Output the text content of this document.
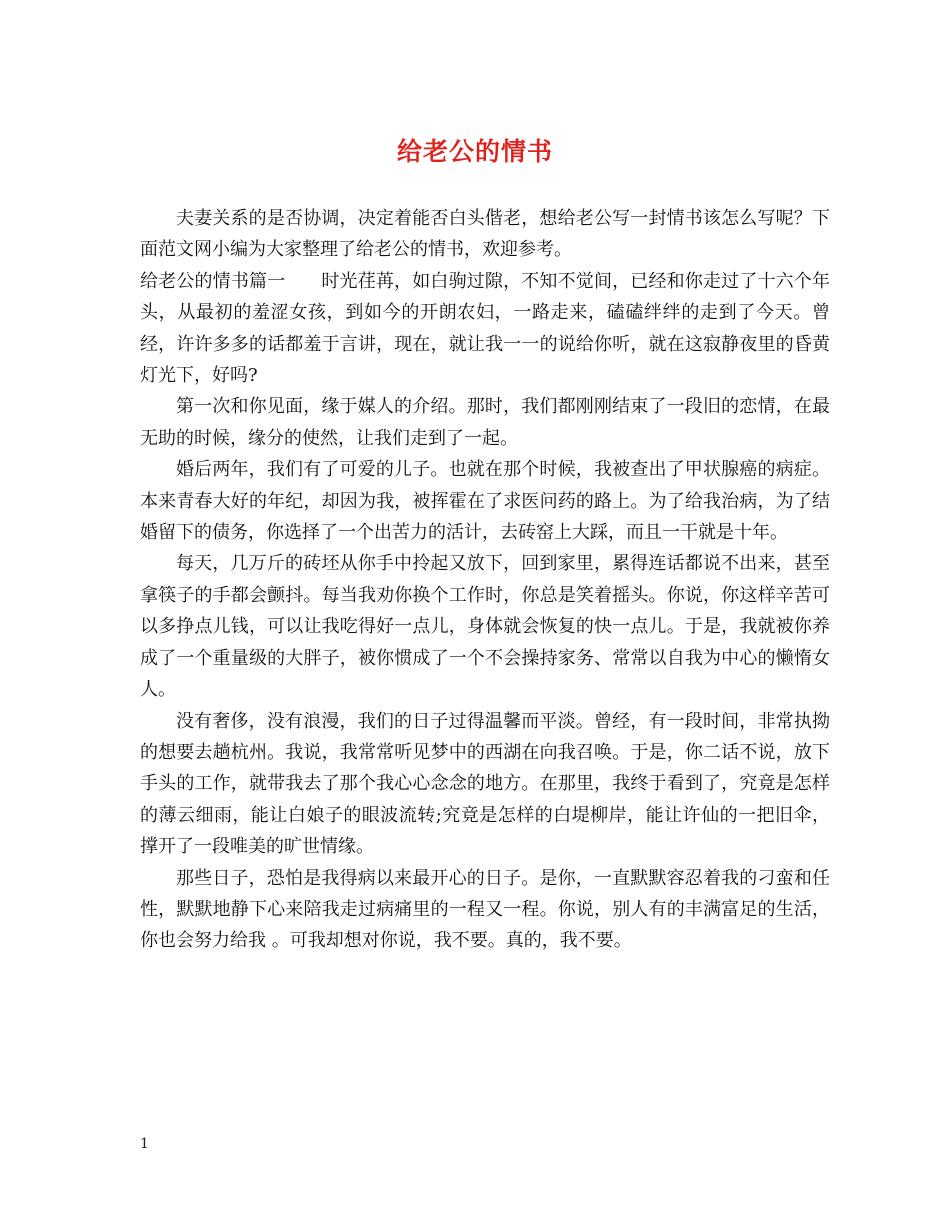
给老公的情书

夫妻关系的是否协调，决定着能否白头偕老，想给老公写一封情书该怎么写呢？下面范文网小编为大家整理了给老公的情书，欢迎参考。

给老公的情书篇一 时光荏苒，如白驹过隙，不知不觉间，已经和你走过了十六个年头，从最初的羞涩女孩，到如今的开朗农妇，一路走来，磕磕绊绊的走到了今天。曾经，许许多多的话都羞于言讲，现在，就让我一一的说给你听，就在这寂静夜里的昏黄灯光下，好吗?

第一次和你见面，缘于媒人的介绍。那时，我们都刚刚结束了一段旧的恋情，在最无助的时候，缘分的使然，让我们走到了一起。

婚后两年，我们有了可爱的儿子。也就在那个时候，我被查出了甲状腺癌的病症。本来青春大好的年纪，却因为我，被挥霍在了求医问药的路上。为了给我治病，为了结婚留下的债务，你选择了一个出苦力的活计，去砖窑上大踩，而且一干就是十年。

每天，几万斤的砖坯从你手中拎起又放下，回到家里，累得连话都说不出来，甚至拿筷子的手都会颤抖。每当我劝你换个工作时，你总是笑着摇头。你说，你这样辛苦可以多挣点儿钱，可以让我吃得好一点儿，身体就会恢复的快一点儿。于是，我就被你养成了一个重量级的大胖子，被你惯成了一个不会操持家务、常常以自我为中心的懒惰女人。

没有奢侈，没有浪漫，我们的日子过得温馨而平淡。曾经，有一段时间，非常执拗的想要去趟杭州。我说，我常常听见梦中的西湖在向我召唤。于是，你二话不说，放下手头的工作，就带我去了那个我心心念念的地方。在那里，我终于看到了，究竟是怎样的薄云细雨，能让白娘子的眼波流转;究竟是怎样的白堤柳岸，能让许仙的一把旧伞，撑开了一段唯美的旷世情缘。

那些日子，恐怕是我得病以来最开心的日子。是你，一直默默容忍着我的刁蛮和任性，默默地静下心来陪我走过病痛里的一程又一程。你说，别人有的丰满富足的生活，你也会努力给我 。可我却想对你说，我不要。真的，我不要。

1
